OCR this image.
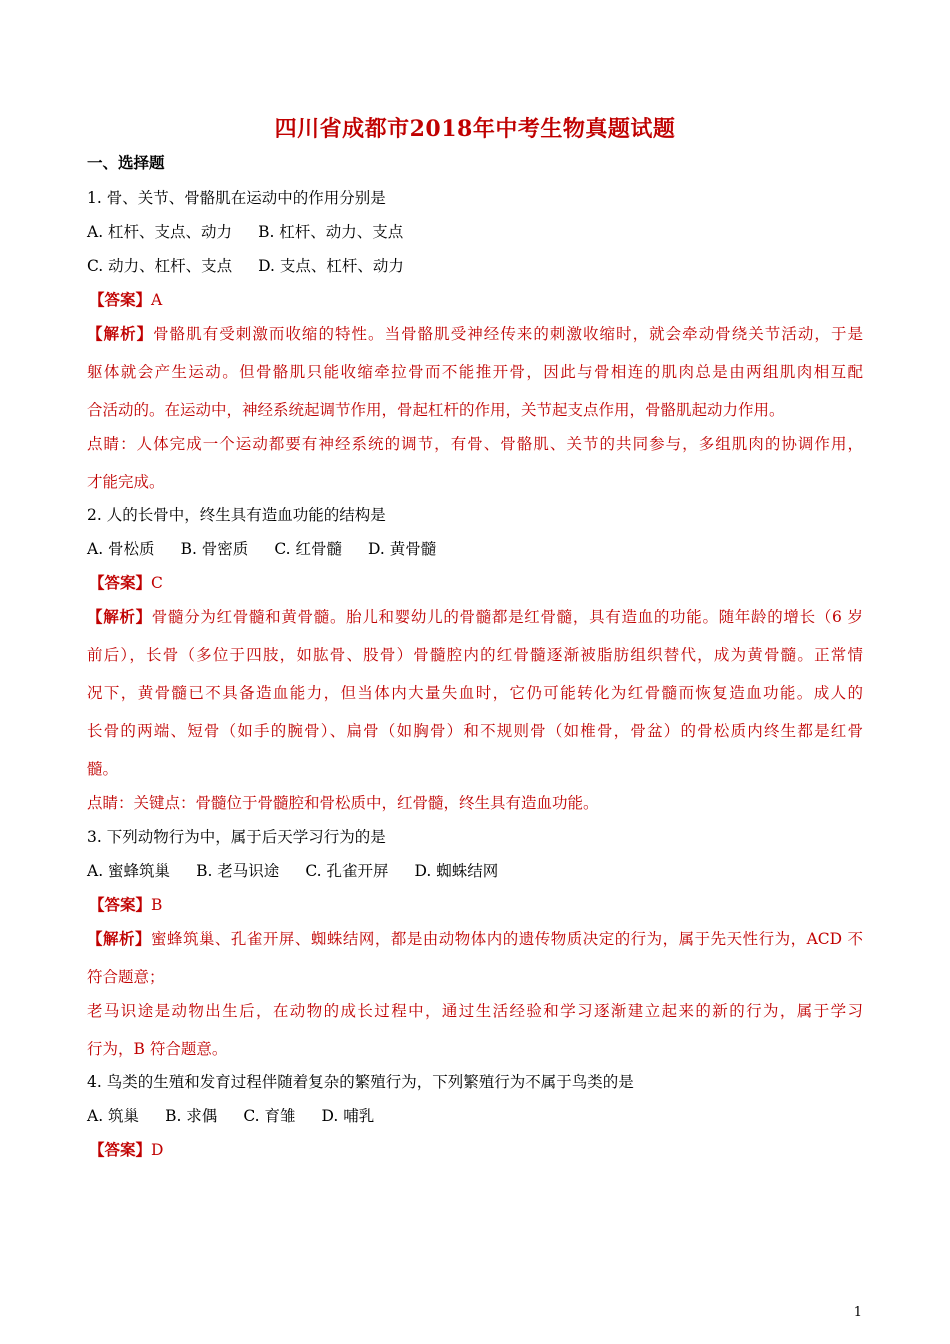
四川省成都市2018年中考生物真题试题
一、选择题
1. 骨、关节、骨骼肌在运动中的作用分别是
A. 杠杆、支点、动力 B. 杠杆、动力、支点
C. 动力、杠杆、支点 D. 支点、杠杆、动力
【答案】A
【解析】骨骼肌有受刺激而收缩的特性。当骨骼肌受神经传来的刺激收缩时，就会牵动骨绕关节活动，于是
躯体就会产生运动。但骨骼肌只能收缩牵拉骨而不能推开骨，因此与骨相连的肌肉总是由两组肌肉相互配
合活动的。在运动中，神经系统起调节作用，骨起杠杆的作用，关节起支点作用，骨骼肌起动力作用。
点睛：人体完成一个运动都要有神经系统的调节，有骨、骨骼肌、关节的共同参与，多组肌肉的协调作用，
才能完成。
2. 人的长骨中，终生具有造血功能的结构是
A. 骨松质 B. 骨密质 C. 红骨髓 D. 黄骨髓
【答案】C
【解析】骨髓分为红骨髓和黄骨髓。胎儿和婴幼儿的骨髓都是红骨髓，具有造血的功能。随年龄的增长（6 岁
前后），长骨（多位于四肢，如肱骨、股骨）骨髓腔内的红骨髓逐渐被脂肪组织替代，成为黄骨髓。正常情
况下，黄骨髓已不具备造血能力，但当体内大量失血时，它仍可能转化为红骨髓而恢复造血功能。成人的
长骨的两端、短骨（如手的腕骨）、扁骨（如胸骨）和不规则骨（如椎骨，骨盆）的骨松质内终生都是红骨
髓。
点睛：关键点：骨髓位于骨髓腔和骨松质中，红骨髓，终生具有造血功能。
3. 下列动物行为中，属于后天学习行为的是
A. 蜜蜂筑巢 B. 老马识途 C. 孔雀开屏 D. 蜘蛛结网
【答案】B
【解析】蜜蜂筑巢、孔雀开屏、蜘蛛结网，都是由动物体内的遗传物质决定的行为，属于先天性行为，ACD 不
符合题意；
老马识途是动物出生后，在动物的成长过程中，通过生活经验和学习逐渐建立起来的新的行为，属于学习
行为，B 符合题意。
4. 鸟类的生殖和发育过程伴随着复杂的繁殖行为，下列繁殖行为不属于鸟类的是
A. 筑巢 B. 求偶 C. 育雏 D. 哺乳
【答案】D
1
